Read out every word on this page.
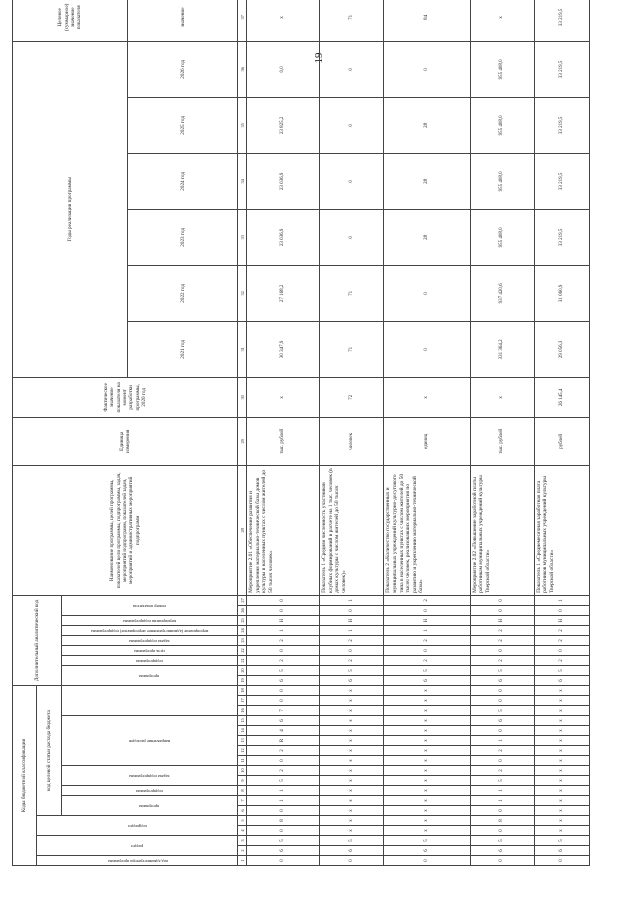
19
Коды бюджетной классификации																		Дополнительный аналитический код									Наименование программы, целей программы, показателей цели программы, подпрограммы, задач, мероприятий подпрограмм, показателей задач, мероприятий и административных мероприятий подпрограмм	Единица измерения	Фактическое значение показателя на момент разработки программы, 2020 год	Годы реализации программы						Целевое (суммарное) значение показателя

код администратора программы	раздел		подраздел		код целевой статьи расхода бюджета																															

					программа		подпрограмма	задача подпрограммы		направление расходов								программа		подпрограмма	цель программы	задача подпрограммы	мероприятие (административное мероприятие) подпрограммы	мероприятия подпрограммы	номер показателя											

																														2021 год	2022 год	2023 год	2024 год	2025 год	2026 год	значение
1	2	3	4	5	6	7	8	9	10	11	12	13	14	15	16	17	18	19	20	21	22	23	24	25	26	27	28	29	30	31	32	33	34	35	36	37
0	6	5	0	8	0	1	1	5	2	0	2	R	4	6	7	0	0	6	5	2	0	2	1	H	0	0	Мероприятие 2.01 «Обеспечение развития и укрепления материально-технической базы домов культуры в населенных пунктах с числом жителей до 50 тысяч человек»	тыс. рублей	x	30 347,9	27 168,2	23 036,9	23 036,9	23 825,2	0,0	x
0	6	5	x	x	x	x	x	x	x	x	x	x	x	x	x	x	x	6	5	2	0	2	1	H	0	1	Показатель 1 «Средняя численность участников клубных формирований в расчете на 1 тыс. человек (в домах культуры с числом жителей до 50 тысяч человек)»	человек	72	71	71	0	0	0	0	71
0	6	5	x	x	x	x	x	x	x	x	x	x	x	x	x	x	x	6	5	2	0	2	1	H	0	2	Показатель 2 «Количество государственных и муниципальных учреждений культурно-досугового типа в населенных пунктах с числом жителей до 50 тысяч человек, реализовавших мероприятия по развитию и укреплению материально-технической базы»	единиц	x	0	0	28	28	28	0	84
0	6	5	0	8	0	1	1	5	2	0	2	1	0	6	5	0	0	6	5	2	0	2	2	H	0	0	Мероприятие 2.02 «Повышение заработной платы работникам муниципальных учреждений культуры Тверской области»	тыс. рублей	x	331 364,2	937 420,6	955 408,0	955 408,0	955 408,0	955 408,0	x
0	6	5	x	x	x	x	x	x	x	x	x	x	x	x	x	x	x	6	5	2	0	2	2	H	0	1	Показатель 1 «Среднемесячная заработная плата работников муниципальных учреждений культуры Тверской области»	рублей	26 145,4	29 056,3	31 060,9	33 219,5	33 219,5	33 219,5	33 219,5	33 219,5
